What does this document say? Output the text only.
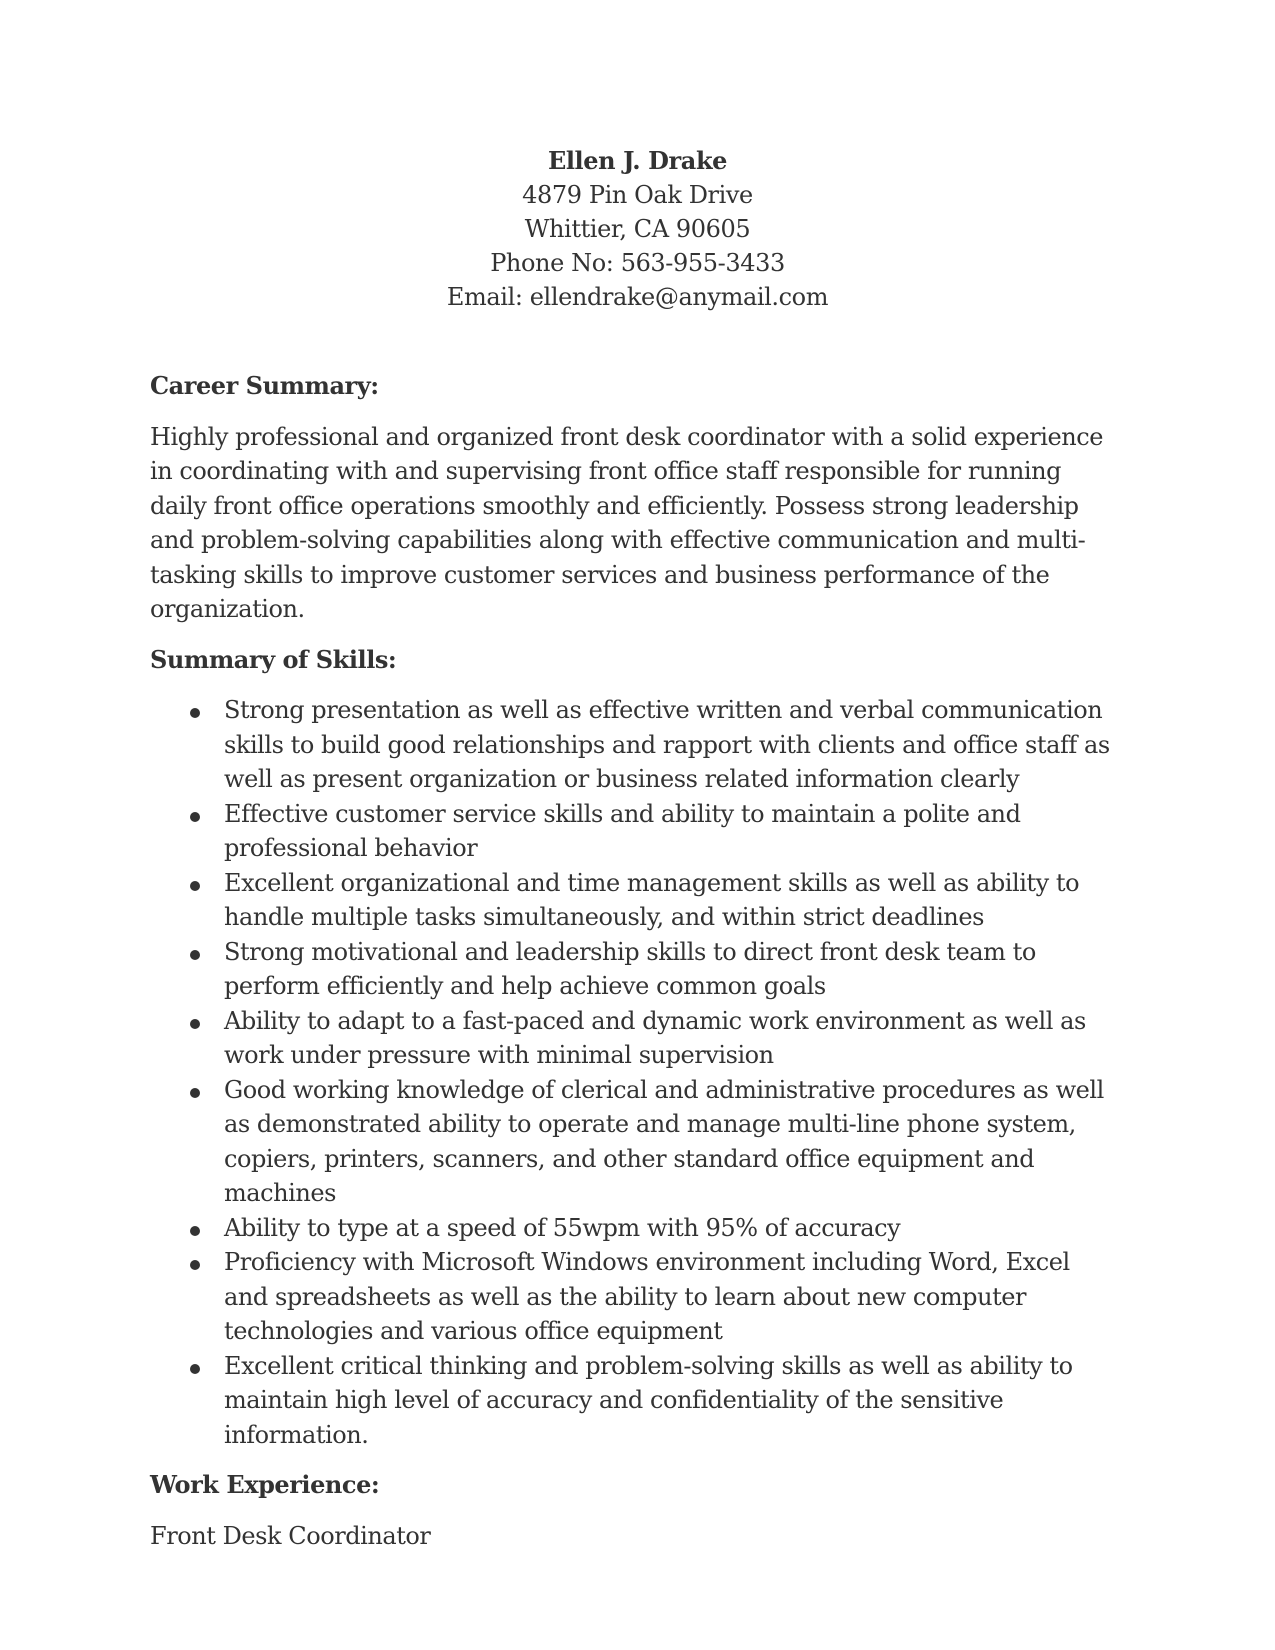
Ellen J. Drake
4879 Pin Oak Drive
Whittier, CA 90605
Phone No: 563-955-3433
Email: ellendrake@anymail.com

Career Summary:

Highly professional and organized front desk coordinator with a solid experience in coordinating with and supervising front office staff responsible for running daily front office operations smoothly and efficiently. Possess strong leadership and problem-solving capabilities along with effective communication and multi-tasking skills to improve customer services and business performance of the organization.

Summary of Skills:

Strong presentation as well as effective written and verbal communication skills to build good relationships and rapport with clients and office staff as well as present organization or business related information clearly
Effective customer service skills and ability to maintain a polite and professional behavior
Excellent organizational and time management skills as well as ability to handle multiple tasks simultaneously, and within strict deadlines
Strong motivational and leadership skills to direct front desk team to perform efficiently and help achieve common goals
Ability to adapt to a fast-paced and dynamic work environment as well as work under pressure with minimal supervision
Good working knowledge of clerical and administrative procedures as well as demonstrated ability to operate and manage multi-line phone system, copiers, printers, scanners, and other standard office equipment and machines
Ability to type at a speed of 55wpm with 95% of accuracy
Proficiency with Microsoft Windows environment including Word, Excel and spreadsheets as well as the ability to learn about new computer technologies and various office equipment
Excellent critical thinking and problem-solving skills as well as ability to maintain high level of accuracy and confidentiality of the sensitive information.

Work Experience:

Front Desk Coordinator
